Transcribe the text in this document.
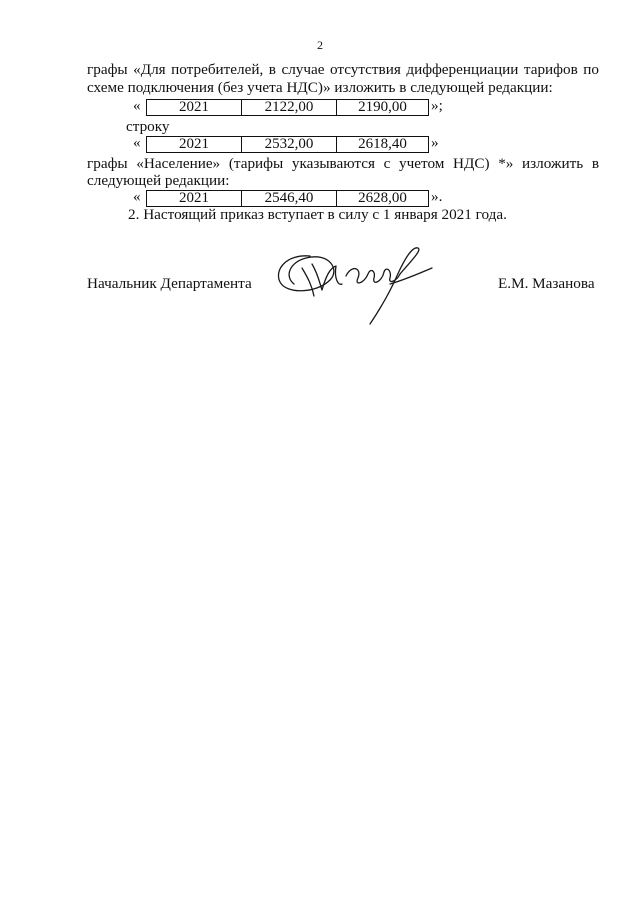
2
графы «Для потребителей, в случае отсутствия дифференциации тарифов по
схеме подключения (без учета НДС)» изложить в следующей редакции:
«	2021	2122,00	2190,00 »;
строку
«	2021	2532,00	2618,40 »
графы «Население» (тарифы указываются с учетом НДС) *» изложить в
следующей редакции:
«	2021	2546,40	2628,00 ».
2. Настоящий приказ вступает в силу с 1 января 2021 года.
Начальник Департамента	Е.М. Мазанова
